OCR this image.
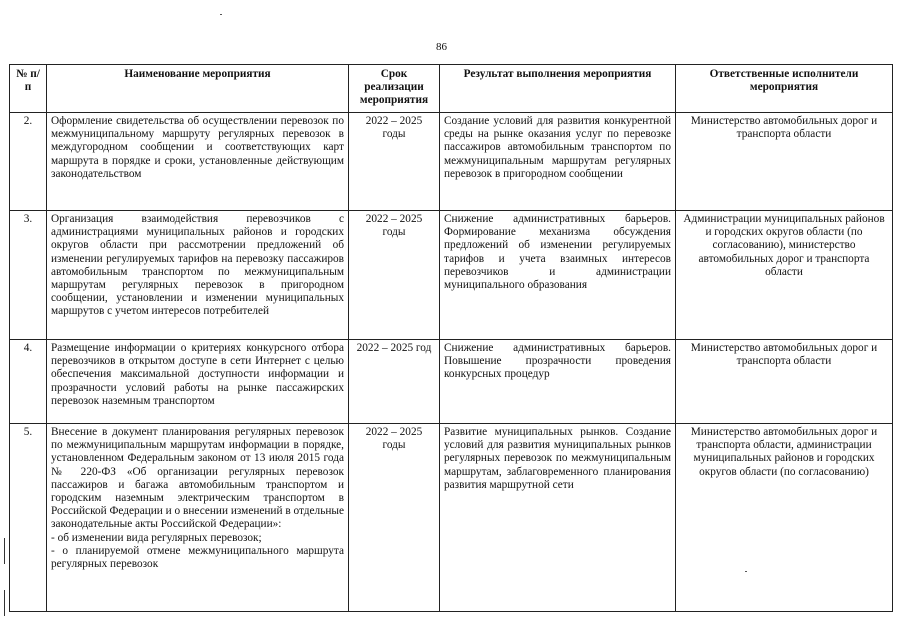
86
№ п/п	Наименование мероприятия	Срок реализации мероприятия	Результат выполнения мероприятия	Ответственные исполнители мероприятия
2.	Оформление свидетельства об осуществлении перевозок по межмуниципальному маршруту регулярных перевозок в междугородном сообщении и соответствующих карт маршрута в порядке и сроки, установленные действующим законодательством	2022 – 2025 годы	Создание условий для развития конкурентной среды на рынке оказания услуг по перевозке пассажиров автомобильным транспортом по межмуниципальным маршрутам регулярных перевозок в пригородном сообщении	Министерство автомобильных дорог и транспорта области
3.	Организация взаимодействия перевозчиков с администрациями муниципальных районов и городских округов области при рассмотрении предложений об изменении регулируемых тарифов на перевозку пассажиров автомобильным транспортом по межмуниципальным маршрутам регулярных перевозок в пригородном сообщении, установлении и изменении муниципальных маршрутов с учетом интересов потребителей	2022 – 2025 годы	Снижение административных барьеров. Формирование механизма обсуждения предложений об изменении регулируемых тарифов и учета взаимных интересов перевозчиков и администрации муниципального образования	Администрации муниципальных районов и городских округов области (по согласованию), министерство автомобильных дорог и транспорта области
4.	Размещение информации о критериях конкурсного отбора перевозчиков в открытом доступе в сети Интернет с целью обеспечения максимальной доступности информации и прозрачности условий работы на рынке пассажирских перевозок наземным транспортом	2022 – 2025 год	Снижение административных барьеров. Повышение прозрачности проведения конкурсных процедур	Министерство автомобильных дорог и транспорта области
5.	Внесение в документ планирования регулярных перевозок по межмуниципальным маршрутам информации в порядке, установленном Федеральным законом от 13 июля 2015 года № 220-ФЗ «Об организации регулярных перевозок пассажиров и багажа автомобильным транспортом и городским наземным электрическим транспортом в Российской Федерации и о внесении изменений в отдельные законодательные акты Российской Федерации»:
- об изменении вида регулярных перевозок;
- о планируемой отмене межмуниципального маршрута регулярных перевозок	2022 – 2025 годы	Развитие муниципальных рынков. Создание условий для развития муниципальных рынков регулярных перевозок по межмуниципальным маршрутам, заблаговременного планирования развития маршрутной сети	Министерство автомобильных дорог и транспорта области, администрации муниципальных районов и городских округов области (по согласованию)
